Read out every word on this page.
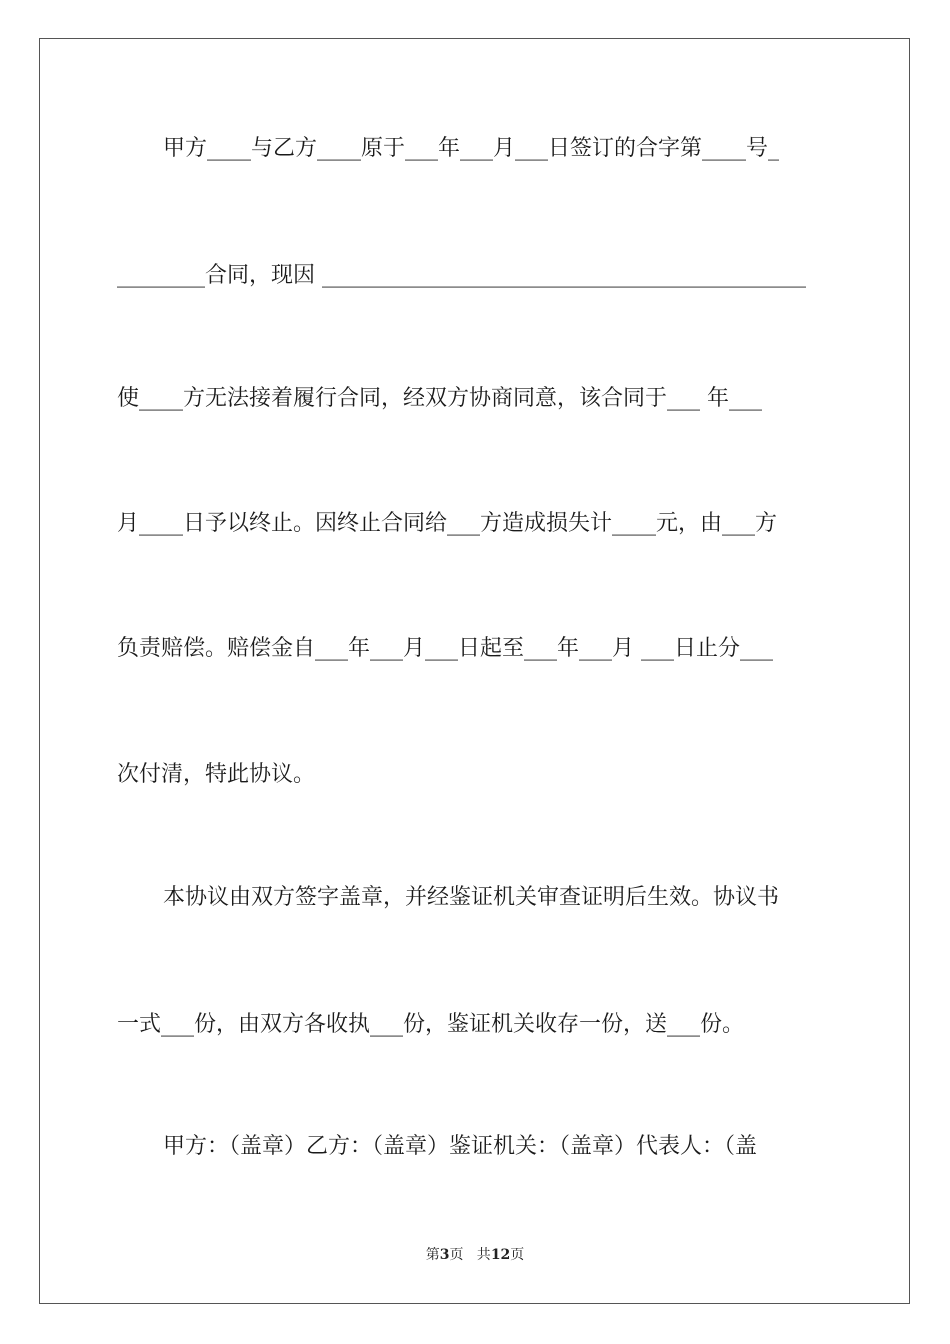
甲方____与乙方____原于___年___月___日签订的合字第____号_
________合同，现因 ____________________________________________
使____方无法接着履行合同，经双方协商同意，该合同于___ 年___
月____日予以终止。因终止合同给___方造成损失计____元，由___方
负责赔偿。赔偿金自___年___月___日起至___年___月 ___日止分___
次付清，特此协议。
本协议由双方签字盖章，并经鉴证机关审查证明后生效。协议书
一式___份，由双方各收执___份，鉴证机关收存一份，送___份。
甲方：（盖章）乙方：（盖章）鉴证机关：（盖章）代表人：（盖
第3页   共12页
